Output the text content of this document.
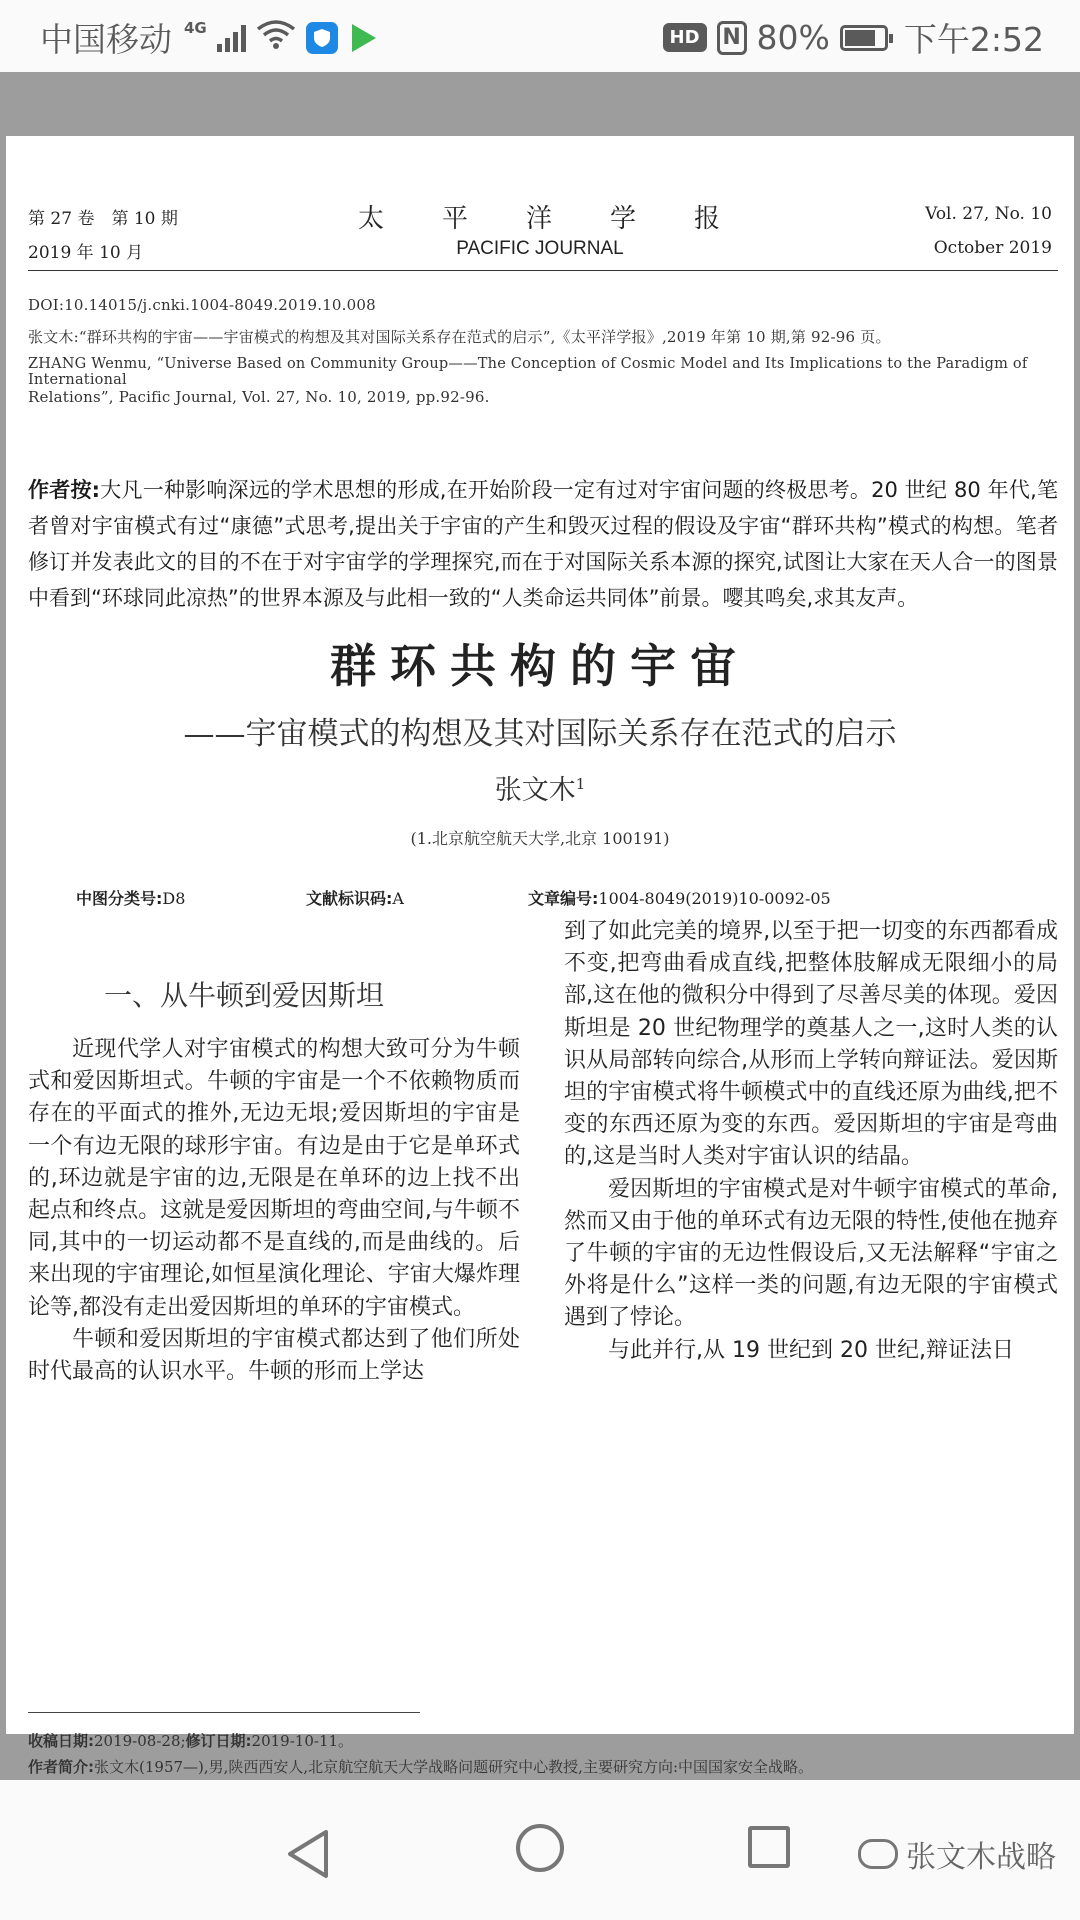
中国移动 4G	HD	N 80% 下午2:52
第 27 卷　第 10 期
2019 年 10 月
太　　平　　洋　　学　　报
PACIFIC JOURNAL
Vol. 27, No. 10
October 2019
DOI:10.14015/j.cnki.1004-8049.2019.10.008
张文木:“群环共构的宇宙——宇宙模式的构想及其对国际关系存在范式的启示”,《太平洋学报》,2019 年第 10 期,第 92-96 页。
ZHANG Wenmu, “Universe Based on Community Group——The Conception of Cosmic Model and Its Implications to the Paradigm of International
Relations”, Pacific Journal, Vol. 27, No. 10, 2019, pp.92-96.
作者按:大凡一种影响深远的学术思想的形成,在开始阶段一定有过对宇宙问题的终极思考。20 世纪 80 年代,笔者曾对宇宙模式有过“康德”式思考,提出关于宇宙的产生和毁灭过程的假设及宇宙“群环共构”模式的构想。笔者修订并发表此文的目的不在于对宇宙学的学理探究,而在于对国际关系本源的探究,试图让大家在天人合一的图景中看到“环球同此凉热”的世界本源及与此相一致的“人类命运共同体”前景。嘤其鸣矣,求其友声。
群环共构的宇宙
——宇宙模式的构想及其对国际关系存在范式的启示
张文木$^1$
(1.北京航空航天大学,北京 100191)
中图分类号:D8	文献标识码:A	文章编号:1004-8049(2019)10-0092-05
一、从牛顿到爱因斯坦

近现代学人对宇宙模式的构想大致可分为牛顿式和爱因斯坦式。牛顿的宇宙是一个不依赖物质而存在的平面式的推外,无边无垠;爱因斯坦的宇宙是一个有边无限的球形宇宙。有边是由于它是单环式的,环边就是宇宙的边,无限是在单环的边上找不出起点和终点。这就是爱因斯坦的弯曲空间,与牛顿不同,其中的一切运动都不是直线的,而是曲线的。后来出现的宇宙理论,如恒星演化理论、宇宙大爆炸理论等,都没有走出爱因斯坦的单环的宇宙模式。

牛顿和爱因斯坦的宇宙模式都达到了他们所处时代最高的认识水平。牛顿的形而上学达

到了如此完美的境界,以至于把一切变的东西都看成不变,把弯曲看成直线,把整体肢解成无限细小的局部,这在他的微积分中得到了尽善尽美的体现。爱因斯坦是 20 世纪物理学的奠基人之一,这时人类的认识从局部转向综合,从形而上学转向辩证法。爱因斯坦的宇宙模式将牛顿模式中的直线还原为曲线,把不变的东西还原为变的东西。爱因斯坦的宇宙是弯曲的,这是当时人类对宇宙认识的结晶。

爱因斯坦的宇宙模式是对牛顿宇宙模式的革命,然而又由于他的单环式有边无限的特性,使他在抛弃了牛顿的宇宙的无边性假设后,又无法解释“宇宙之外将是什么”这样一类的问题,有边无限的宇宙模式遇到了悖论。

与此并行,从 19 世纪到 20 世纪,辩证法日

收稿日期:2019-08-28;修订日期:2019-10-11。
作者简介:张文木(1957—),男,陕西西安人,北京航空航天大学战略问题研究中心教授,主要研究方向:中国国家安全战略。
张文木战略
